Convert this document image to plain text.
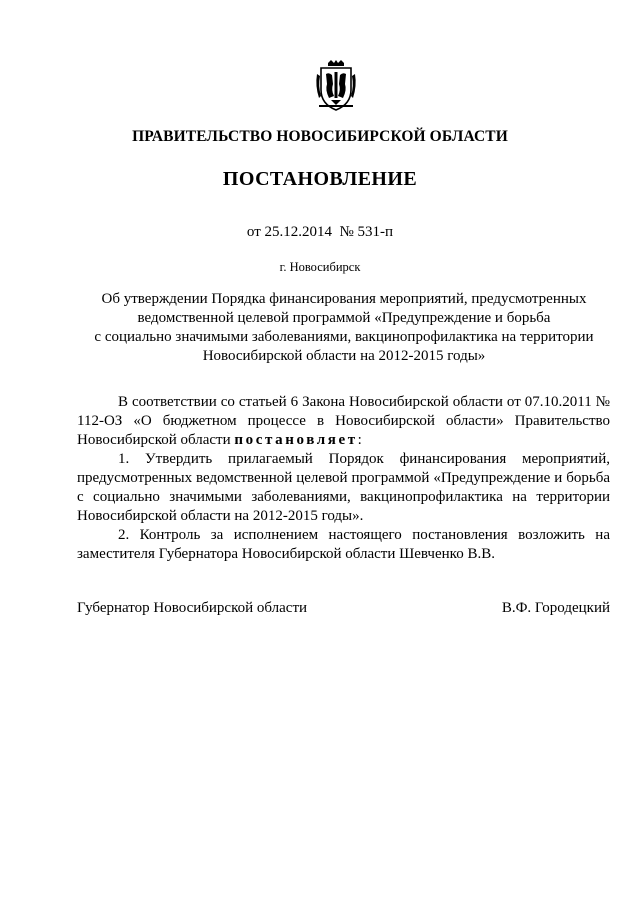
ПРАВИТЕЛЬСТВО НОВОСИБИРСКОЙ ОБЛАСТИ

ПОСТАНОВЛЕНИЕ

от 25.12.2014  № 531-п

г. Новосибирск

Об утверждении Порядка финансирования мероприятий, предусмотренных
ведомственной целевой программой «Предупреждение и борьба
с социально значимыми заболеваниями, вакцинопрофилактика на территории
Новосибирской области на 2012-2015 годы»

В соответствии со статьей 6 Закона Новосибирской области от 07.10.2011 № 112-ОЗ «О бюджетном процессе в Новосибирской области» Правительство Новосибирской области постановляет:

1. Утвердить прилагаемый Порядок финансирования мероприятий, предусмотренных ведомственной целевой программой «Предупреждение и борьба с социально значимыми заболеваниями, вакцинопрофилактика на территории Новосибирской области на 2012-2015 годы».

2. Контроль за исполнением настоящего постановления возложить на заместителя Губернатора Новосибирской области Шевченко В.В.

Губернатор Новосибирской области	В.Ф. Городецкий
